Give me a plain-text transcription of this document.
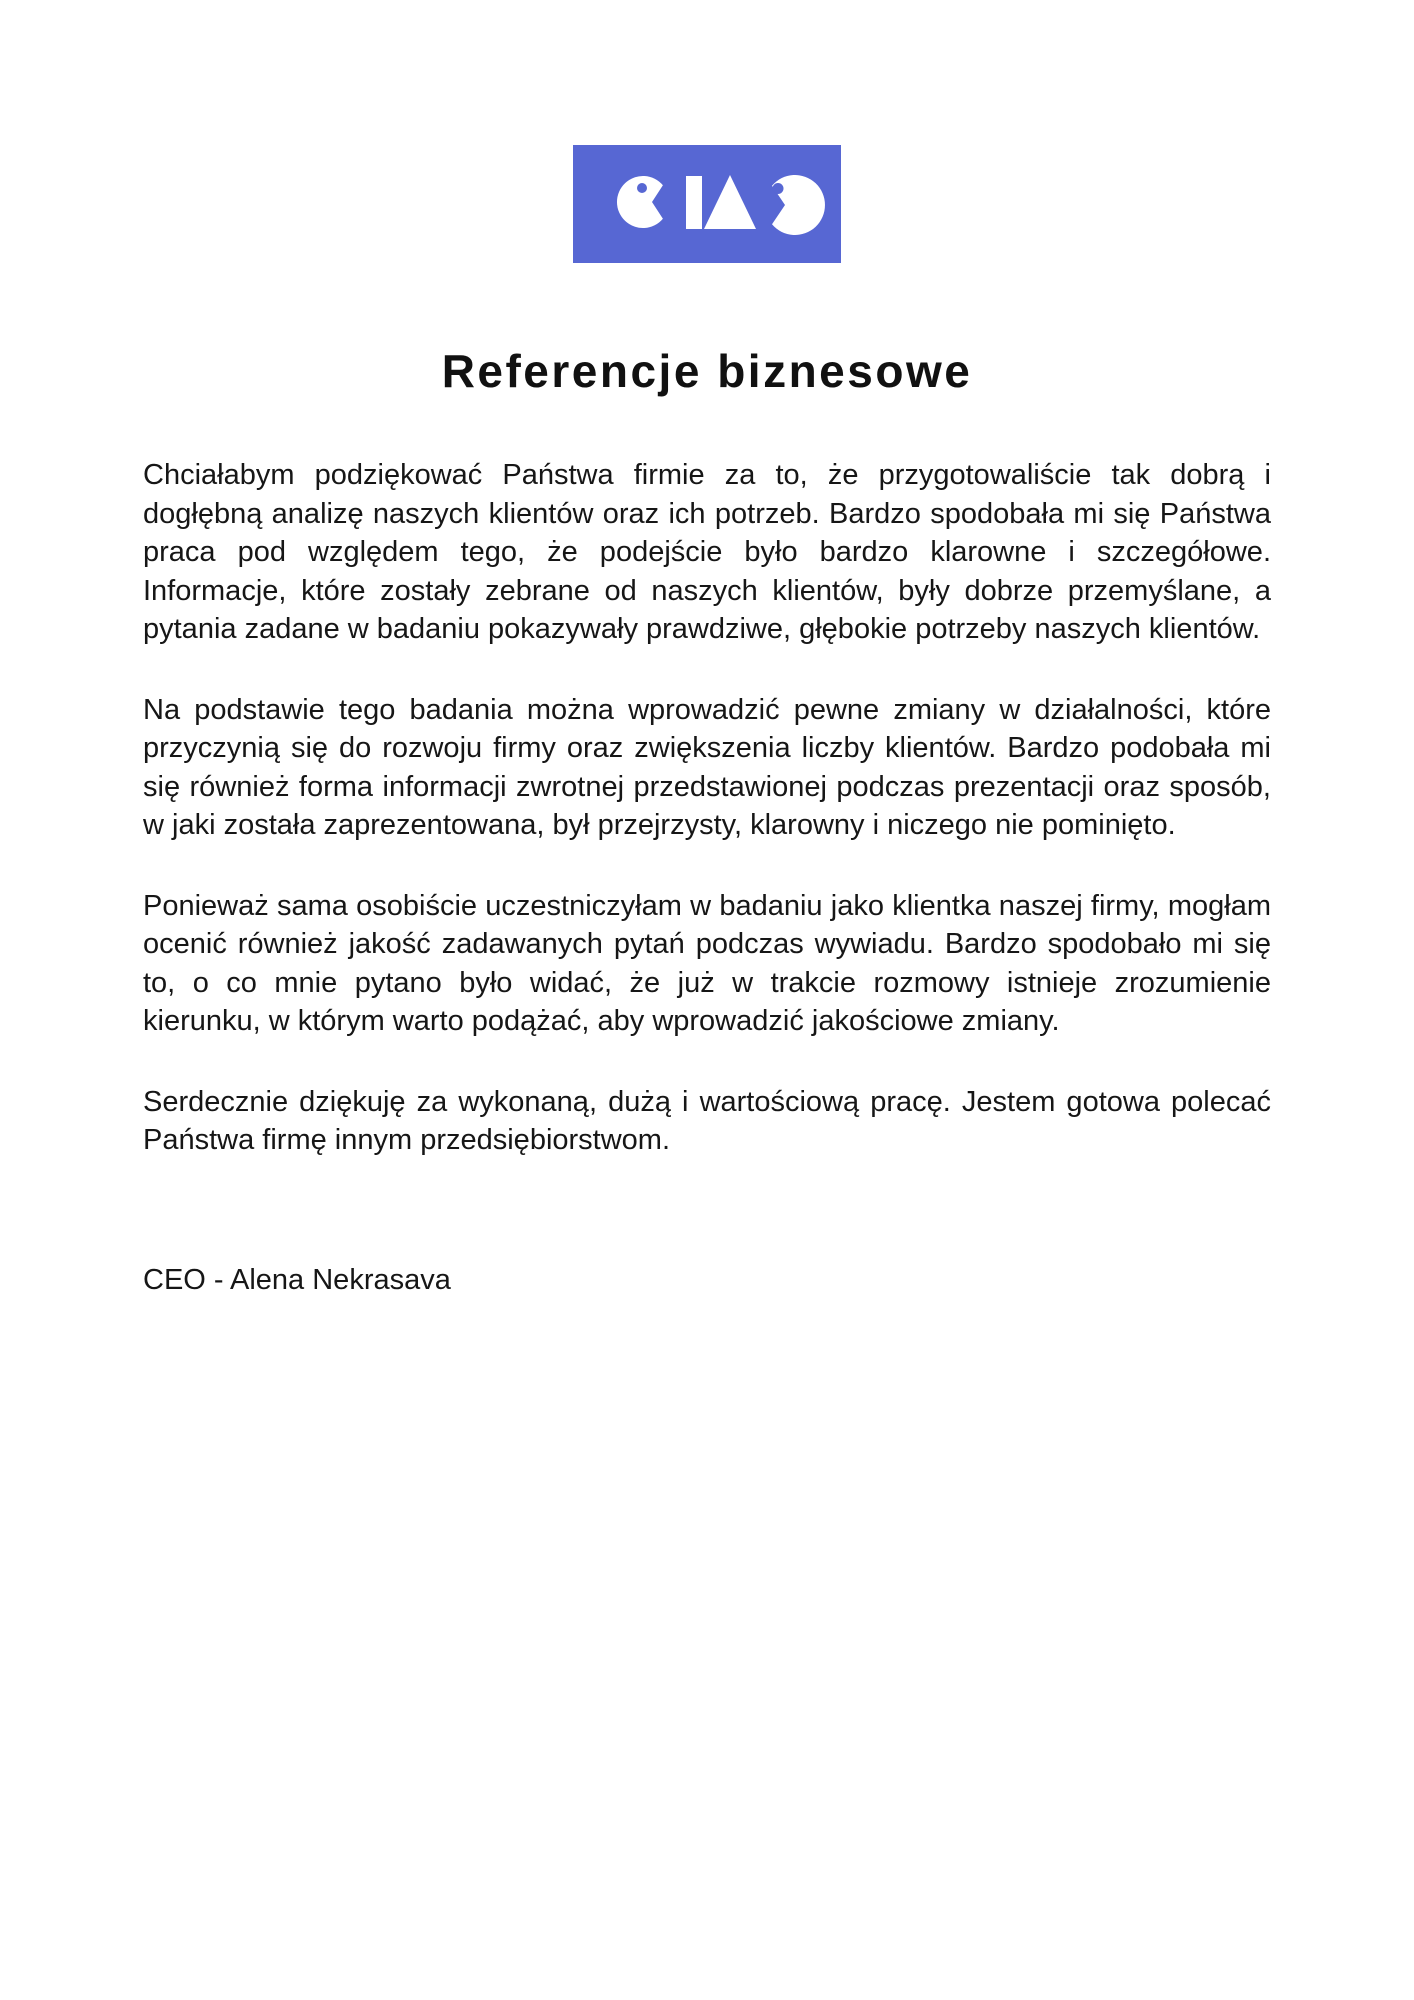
Referencje biznesowe

Chciałabym podziękować Państwa firmie za to, że przygotowaliście tak dobrą i dogłębną analizę naszych klientów oraz ich potrzeb. Bardzo spodobała mi się Państwa praca pod względem tego, że podejście było bardzo klarowne i szczegółowe. Informacje, które zostały zebrane od naszych klientów, były dobrze przemyślane, a pytania zadane w badaniu pokazywały prawdziwe, głębokie potrzeby naszych klientów.

Na podstawie tego badania można wprowadzić pewne zmiany w działalności, które przyczynią się do rozwoju firmy oraz zwiększenia liczby klientów. Bardzo podobała mi się również forma informacji zwrotnej przedstawionej podczas prezentacji oraz sposób, w jaki została zaprezentowana, był przejrzysty, klarowny i niczego nie pominięto.

Ponieważ sama osobiście uczestniczyłam w badaniu jako klientka naszej firmy, mogłam ocenić również jakość zadawanych pytań podczas wywiadu. Bardzo spodobało mi się to, o co mnie pytano było widać, że już w trakcie rozmowy istnieje zrozumienie kierunku, w którym warto podążać, aby wprowadzić jakościowe zmiany.

Serdecznie dziękuję za wykonaną, dużą i wartościową pracę. Jestem gotowa polecać Państwa firmę innym przedsiębiorstwom.

CEO - Alena Nekrasava
